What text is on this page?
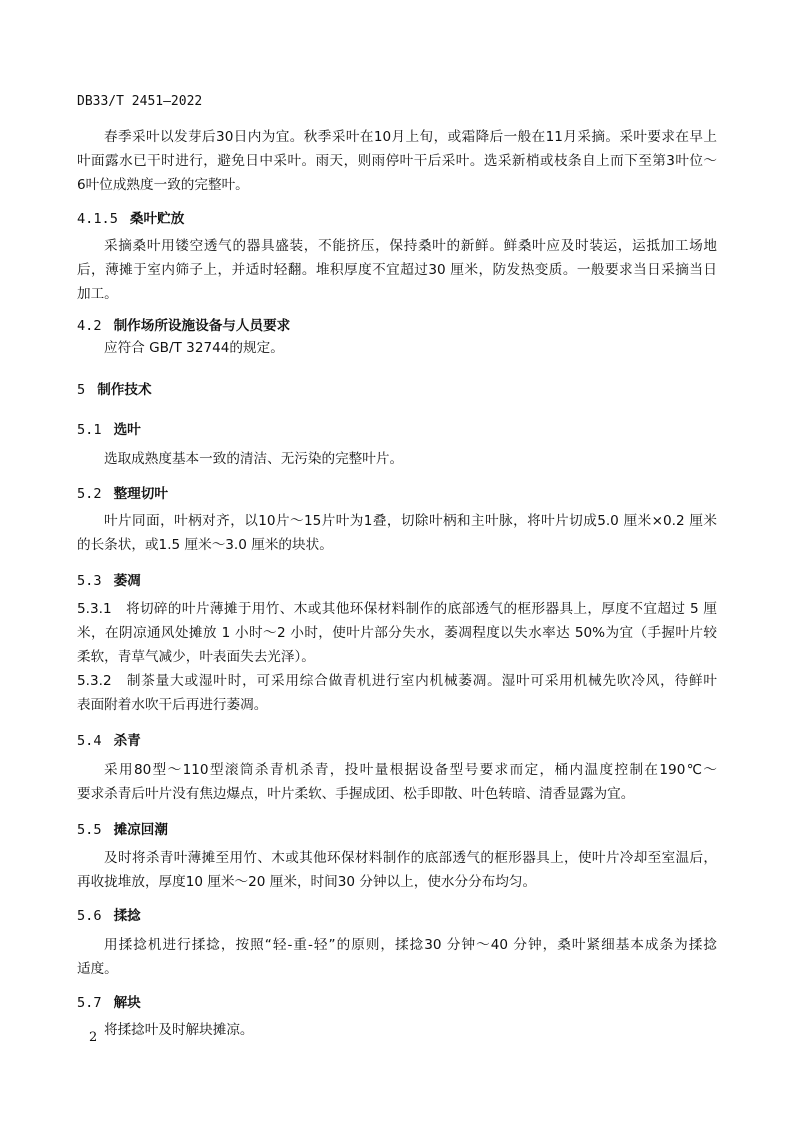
DB33/T 2451—2022
春季采叶以发芽后30日内为宜。秋季采叶在10月上旬，或霜降后一般在11月采摘。采叶要求在早上
叶面露水已干时进行，避免日中采叶。雨天，则雨停叶干后采叶。选采新梢或枝条自上而下至第3叶位～
6叶位成熟度一致的完整叶。
4.1.5 桑叶贮放
采摘桑叶用镂空透气的器具盛装，不能挤压，保持桑叶的新鲜。鲜桑叶应及时装运，运抵加工场地
后，薄摊于室内筛子上，并适时轻翻。堆积厚度不宜超过30 厘米，防发热变质。一般要求当日采摘当日
加工。
4.2 制作场所设施设备与人员要求
应符合 GB/T 32744的规定。
5 制作技术
5.1 选叶
选取成熟度基本一致的清洁、无污染的完整叶片。
5.2 整理切叶
叶片同面，叶柄对齐，以10片～15片叶为1叠，切除叶柄和主叶脉，将叶片切成5.0 厘米×0.2 厘米
的长条状，或1.5 厘米～3.0 厘米的块状。
5.3 萎凋
5.3.1　将切碎的叶片薄摊于用竹、木或其他环保材料制作的底部透气的框形器具上，厚度不宜超过 5 厘
米，在阴凉通风处摊放 1 小时～2 小时，使叶片部分失水，萎凋程度以失水率达 50%为宜（手握叶片较
柔软，青草气减少，叶表面失去光泽）。
5.3.2　制茶量大或湿叶时，可采用综合做青机进行室内机械萎凋。湿叶可采用机械先吹冷风，待鲜叶
表面附着水吹干后再进行萎凋。
5.4 杀青
采用80型～110型滚筒杀青机杀青，投叶量根据设备型号要求而定，桶内温度控制在190℃～
要求杀青后叶片没有焦边爆点，叶片柔软、手握成团、松手即散、叶色转暗、清香显露为宜。
5.5 摊凉回潮
及时将杀青叶薄摊至用竹、木或其他环保材料制作的底部透气的框形器具上，使叶片冷却至室温后，
再收拢堆放，厚度10 厘米～20 厘米，时间30 分钟以上，使水分分布均匀。
5.6 揉捻
用揉捻机进行揉捻，按照“轻-重-轻”的原则，揉捻30 分钟～40 分钟，桑叶紧细基本成条为揉捻
适度。
5.7 解块
将揉捻叶及时解块摊凉。
2
